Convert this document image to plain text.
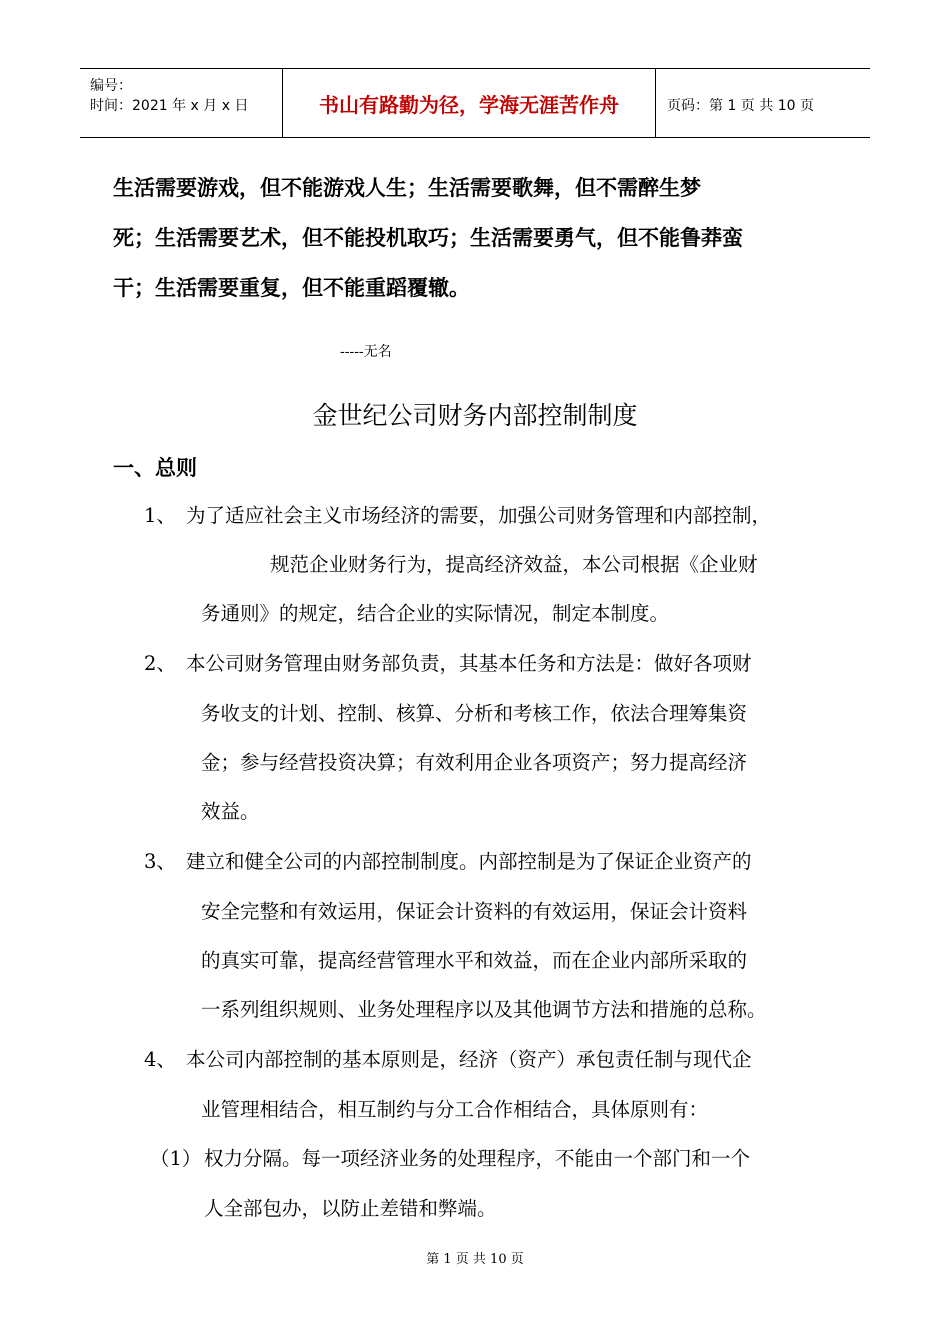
编号：
时间：2021 年 x 月 x 日	书山有路勤为径，学海无涯苦作舟	页码：第 1 页 共 10 页
生活需要游戏，但不能游戏人生；生活需要歌舞，但不需醉生梦
死；生活需要艺术，但不能投机取巧；生活需要勇气，但不能鲁莽蛮
干；生活需要重复，但不能重蹈覆辙。
-----无名
金世纪公司财务内部控制制度
一、总则
1、 为了适应社会主义市场经济的需要，加强公司财务管理和内部控制，
规范企业财务行为，提高经济效益，本公司根据《企业财
务通则》的规定，结合企业的实际情况，制定本制度。
2、 本公司财务管理由财务部负责，其基本任务和方法是：做好各项财
务收支的计划、控制、核算、分析和考核工作，依法合理筹集资
金；参与经营投资决算；有效利用企业各项资产；努力提高经济
效益。
3、 建立和健全公司的内部控制制度。内部控制是为了保证企业资产的
安全完整和有效运用，保证会计资料的有效运用，保证会计资料
的真实可靠，提高经营管理水平和效益，而在企业内部所采取的
一系列组织规则、业务处理程序以及其他调节方法和措施的总称。
4、 本公司内部控制的基本原则是，经济（资产）承包责任制与现代企
业管理相结合，相互制约与分工合作相结合，具体原则有：
（1） 权力分隔。每一项经济业务的处理程序，不能由一个部门和一个
人全部包办，以防止差错和弊端。
第 1 页 共 10 页
